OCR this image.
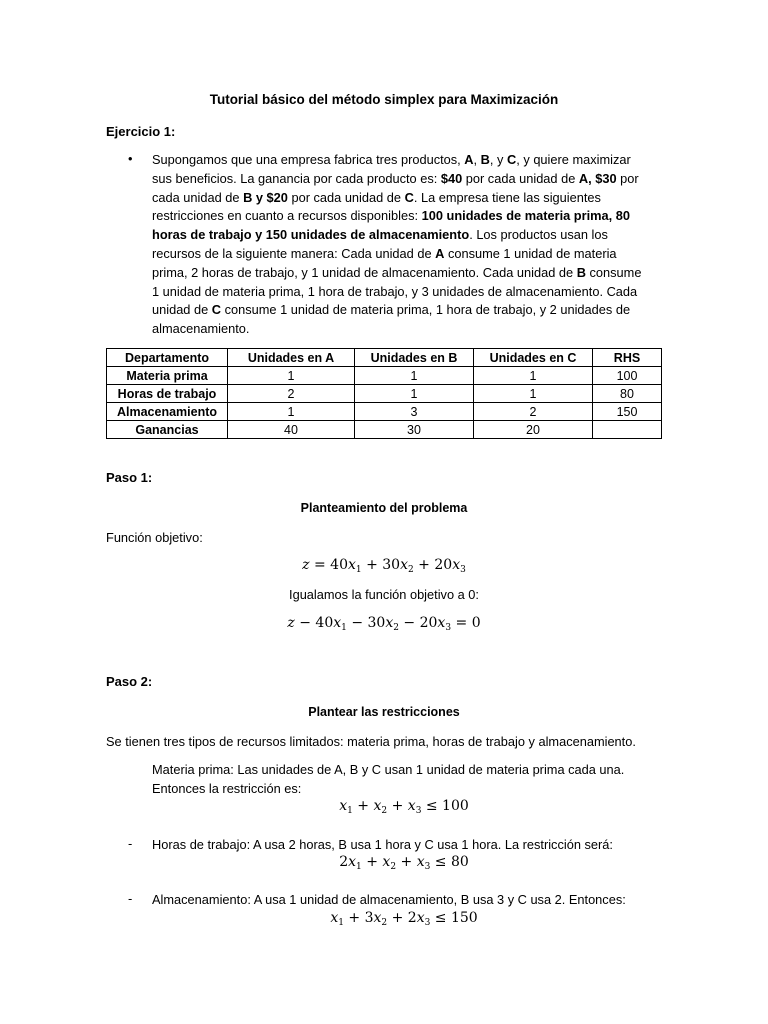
Tutorial básico del método simplex para Maximización
Ejercicio 1:
• Supongamos que una empresa fabrica tres productos, A, B, y C, y quiere maximizar
sus beneficios. La ganancia por cada producto es: $40 por cada unidad de A, $30 por
cada unidad de B y $20 por cada unidad de C. La empresa tiene las siguientes
restricciones en cuanto a recursos disponibles: 100 unidades de materia prima, 80
horas de trabajo y 150 unidades de almacenamiento. Los productos usan los
recursos de la siguiente manera: Cada unidad de A consume 1 unidad de materia
prima, 2 horas de trabajo, y 1 unidad de almacenamiento. Cada unidad de B consume
1 unidad de materia prima, 1 hora de trabajo, y 3 unidades de almacenamiento. Cada
unidad de C consume 1 unidad de materia prima, 1 hora de trabajo, y 2 unidades de
almacenamiento.
Departamento	Unidades en A	Unidades en B	Unidades en C	RHS
Materia prima	1	1	1	100
Horas de trabajo	2	1	1	80
Almacenamiento	1	3	2	150
Ganancias	40	30	20	
Paso 1:
Planteamiento del problema
Función objetivo:
$z = 40x_1 + 30x_2 + 20x_3$
Igualamos la función objetivo a 0:
$z - 40x_1 - 30x_2 - 20x_3 = 0$
Paso 2:
Plantear las restricciones
Se tienen tres tipos de recursos limitados: materia prima, horas de trabajo y almacenamiento.
Materia prima: Las unidades de A, B y C usan 1 unidad de materia prima cada una.
Entonces la restricción es:
$x_1 + x_2 + x_3 \le 100$
- Horas de trabajo: A usa 2 horas, B usa 1 hora y C usa 1 hora. La restricción será:
$2x_1 + x_2 + x_3 \le 80$
- Almacenamiento: A usa 1 unidad de almacenamiento, B usa 3 y C usa 2. Entonces:
$x_1 + 3x_2 + 2x_3 \le 150$
